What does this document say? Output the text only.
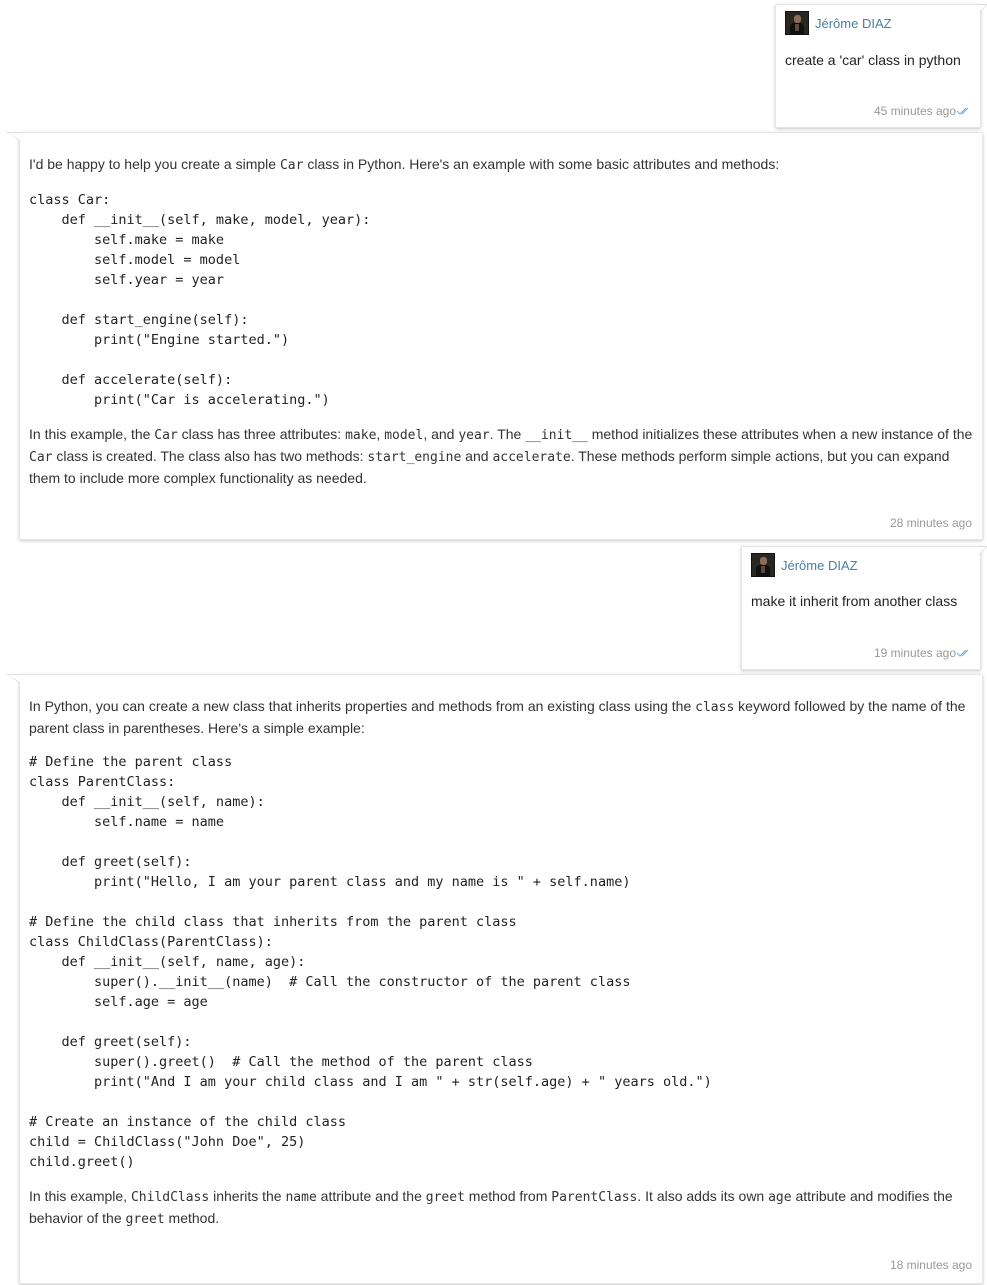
Jérôme DIAZ
create a 'car' class in python
45 minutes ago

I'd be happy to help you create a simple Car class in Python. Here's an example with some basic attributes and methods:

class Car:
def __init__(self, make, model, year):
self.make = make
self.model = model
self.year = year

def start_engine(self):
print("Engine started.")

def accelerate(self):
print("Car is accelerating.")

In this example, the Car class has three attributes: make, model, and year. The __init__ method initializes these attributes when a new instance of the Car class is created. The class also has two methods: start_engine and accelerate. These methods perform simple actions, but you can expand them to include more complex functionality as needed.

28 minutes ago
Jérôme DIAZ
make it inherit from another class
19 minutes ago

In Python, you can create a new class that inherits properties and methods from an existing class using the class keyword followed by the name of the parent class in parentheses. Here's a simple example:

# Define the parent class
class ParentClass:
def __init__(self, name):
self.name = name

def greet(self):
print("Hello, I am your parent class and my name is " + self.name)

# Define the child class that inherits from the parent class
class ChildClass(ParentClass):
def __init__(self, name, age):
super().__init__(name)  # Call the constructor of the parent class
self.age = age

def greet(self):
super().greet()  # Call the method of the parent class
print("And I am your child class and I am " + str(self.age) + " years old.")

# Create an instance of the child class
child = ChildClass("John Doe", 25)
child.greet()

In this example, ChildClass inherits the name attribute and the greet method from ParentClass. It also adds its own age attribute and modifies the behavior of the greet method.

18 minutes ago
